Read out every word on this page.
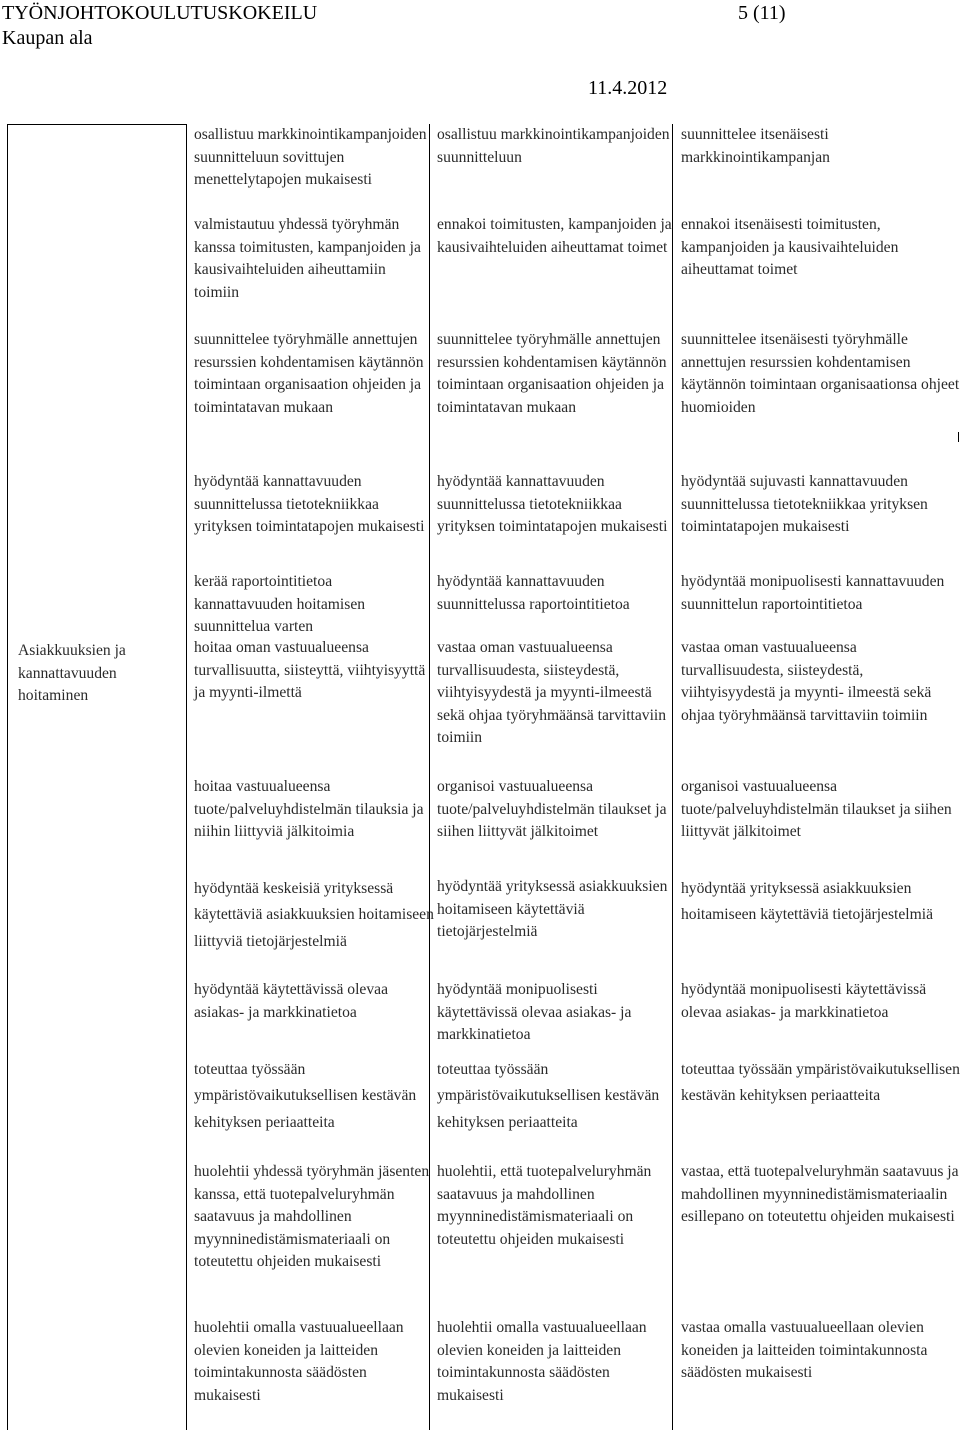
TYÖNJOHTOKOULUTUSKOKEILU
Kaupan ala
5 (11)
11.4.2012
Asiakkuuksien ja kannattavuuden hoitaminen
osallistuu markkinointikampanjoiden suunnitteluun sovittujen menettelytapojen mukaisesti
osallistuu markkinointikampanjoiden suunnitteluun
suunnittelee itsenäisesti markkinointikampanjan
valmistautuu yhdessä työryhmän kanssa toimitusten, kampanjoiden ja kausivaihteluiden aiheuttamiin toimiin
ennakoi toimitusten, kampanjoiden ja kausivaihteluiden aiheuttamat toimet
ennakoi itsenäisesti toimitusten, kampanjoiden ja kausivaihteluiden aiheuttamat toimet
suunnittelee työryhmälle annettujen resurssien kohdentamisen käytännön toimintaan organisaation ohjeiden ja toimintatavan mukaan
suunnittelee työryhmälle annettujen resurssien kohdentamisen käytännön toimintaan organisaation ohjeiden ja toimintatavan mukaan
suunnittelee itsenäisesti työryhmälle annettujen resurssien kohdentamisen käytännön toimintaan organisaationsa ohjeet huomioiden
hyödyntää kannattavuuden suunnittelussa tietotekniikkaa yrityksen toimintatapojen mukaisesti
hyödyntää kannattavuuden suunnittelussa tietotekniikkaa yrityksen toimintatapojen mukaisesti
hyödyntää sujuvasti kannattavuuden suunnittelussa tietotekniikkaa yrityksen toimintatapojen mukaisesti
kerää raportointitietoa kannattavuuden hoitamisen suunnittelua varten
hyödyntää kannattavuuden suunnittelussa raportointitietoa
hyödyntää monipuolisesti kannattavuuden suunnittelun raportointitietoa
hoitaa oman vastuualueensa turvallisuutta, siisteyttä, viihtyisyyttä ja myynti-ilmettä
vastaa oman vastuualueensa turvallisuudesta, siisteydestä, viihtyisyydestä ja myynti-ilmeestä sekä ohjaa työryhmäänsä tarvittaviin toimiin
vastaa oman vastuualueensa turvallisuudesta, siisteydestä, viihtyisyydestä ja myynti- ilmeestä sekä ohjaa työryhmäänsä tarvittaviin toimiin
hoitaa vastuualueensa tuote/palveluyhdistelmän tilauksia ja niihin liittyviä jälkitoimia
organisoi vastuualueensa tuote/palveluyhdistelmän tilaukset ja siihen liittyvät jälkitoimet
organisoi vastuualueensa tuote/palveluyhdistelmän tilaukset ja siihen liittyvät jälkitoimet
hyödyntää keskeisiä yrityksessä käytettäviä asiakkuuksien hoitamiseen liittyviä tietojärjestelmiä
hyödyntää yrityksessä asiakkuuksien hoitamiseen käytettäviä tietojärjestelmiä
hyödyntää yrityksessä asiakkuuksien hoitamiseen käytettäviä tietojärjestelmiä
hyödyntää käytettävissä olevaa asiakas- ja markkinatietoa
hyödyntää monipuolisesti käytettävissä olevaa asiakas- ja markkinatietoa
hyödyntää monipuolisesti käytettävissä olevaa asiakas- ja markkinatietoa
toteuttaa työssään ympäristövaikutuksellisen kestävän kehityksen periaatteita
toteuttaa työssään ympäristövaikutuksellisen kestävän kehityksen periaatteita
toteuttaa työssään ympäristövaikutuksellisen kestävän kehityksen periaatteita
huolehtii yhdessä työryhmän jäsenten kanssa, että tuotepalveluryhmän saatavuus ja mahdollinen myynninedistämismateriaali on toteutettu ohjeiden mukaisesti
huolehtii, että tuotepalveluryhmän saatavuus ja mahdollinen myynninedistämismateriaali on toteutettu ohjeiden mukaisesti
vastaa, että tuotepalveluryhmän saatavuus ja mahdollinen myynninedistämismateriaalin esillepano on toteutettu ohjeiden mukaisesti
huolehtii omalla vastuualueellaan olevien koneiden ja laitteiden toimintakunnosta säädösten mukaisesti
huolehtii omalla vastuualueellaan olevien koneiden ja laitteiden toimintakunnosta säädösten mukaisesti
vastaa omalla vastuualueellaan olevien koneiden ja laitteiden toimintakunnosta säädösten mukaisesti
